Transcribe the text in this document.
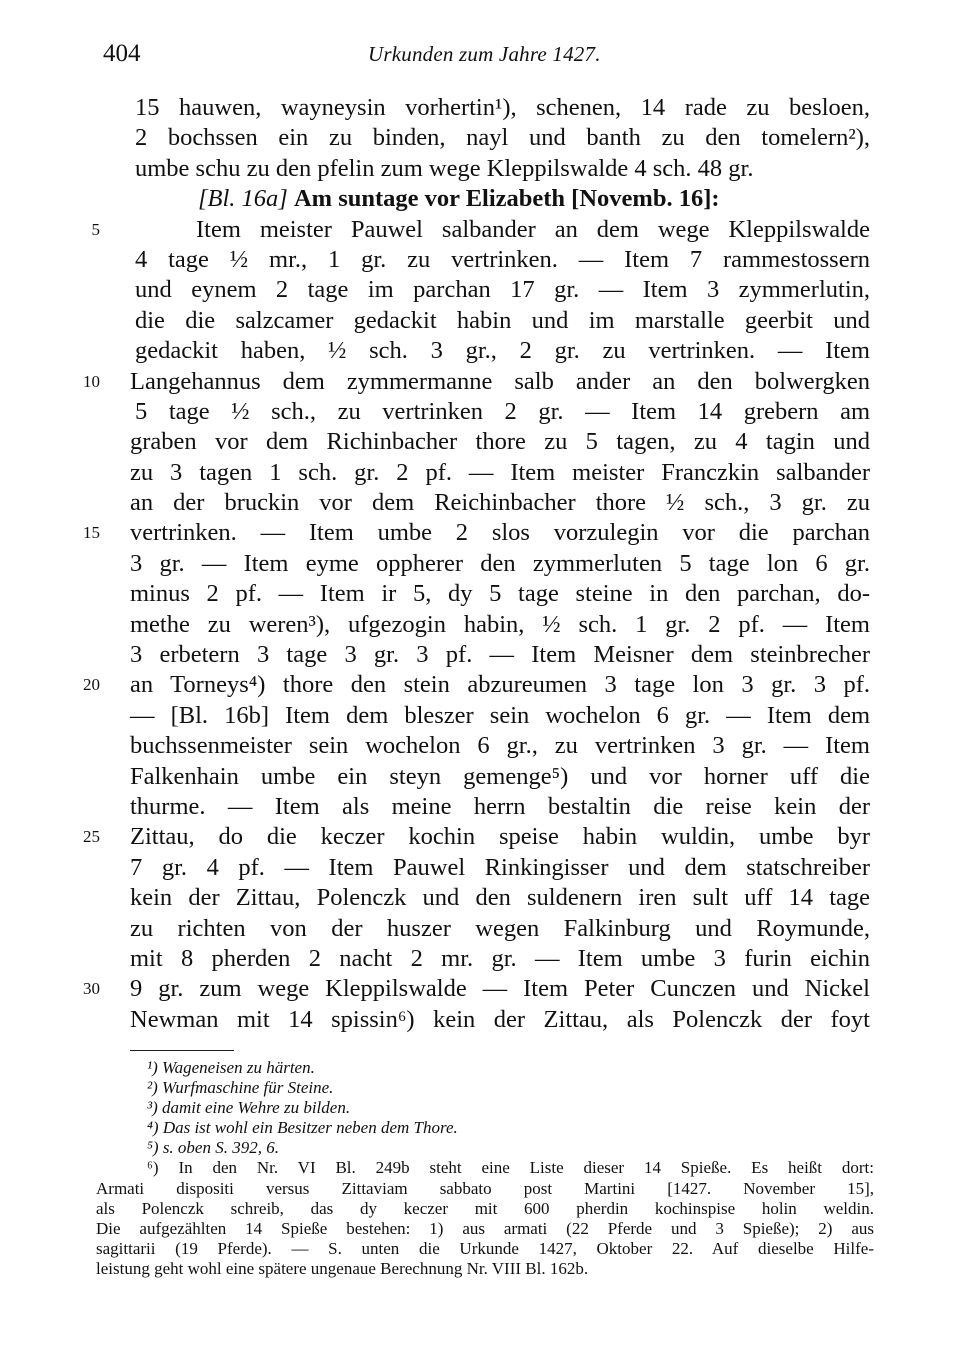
404	Urkunden zum Jahre 1427.
15 hauwen, wayneysin vorhertin¹), schenen, 14 rade zu besloen,
2 bochssen ein zu binden, nayl und banth zu den tomelern²),
umbe schu zu den pfelin zum wege Kleppilswalde 4 sch. 48 gr.
[Bl. 16a] Am suntage vor Elizabeth [Novemb. 16]:
5	Item meister Pauwel salbander an dem wege Kleppilswalde
4 tage ½ mr., 1 gr. zu vertrinken. — Item 7 rammestossern
und eynem 2 tage im parchan 17 gr. — Item 3 zymmerlutin,
die die salzcamer gedackit habin und im marstalle geerbit und
gedackit haben, ½ sch. 3 gr., 2 gr. zu vertrinken. — Item
10 Langehannus dem zymmermanne salb ander an den bolwergken
5 tage ½ sch., zu vertrinken 2 gr. — Item 14 grebern am
graben vor dem Richinbacher thore zu 5 tagen, zu 4 tagin und
zu 3 tagen 1 sch. gr. 2 pf. — Item meister Franczkin salbander
an der bruckin vor dem Reichinbacher thore ½ sch., 3 gr. zu
15 vertrinken. — Item umbe 2 slos vorzulegin vor die parchan
3 gr. — Item eyme oppherer den zymmerluten 5 tage lon 6 gr.
minus 2 pf. — Item ir 5, dy 5 tage steine in den parchan, do-
methe zu weren³), ufgezogin habin, ½ sch. 1 gr. 2 pf. — Item
3 erbetern 3 tage 3 gr. 3 pf. — Item Meisner dem steinbrecher
20 an Torneys⁴) thore den stein abzureumen 3 tage lon 3 gr. 3 pf.
— [Bl. 16b] Item dem bleszer sein wochelon 6 gr. — Item dem
buchssenmeister sein wochelon 6 gr., zu vertrinken 3 gr. — Item
Falkenhain umbe ein steyn gemenge⁵) und vor horner uff die
thurme. — Item als meine herrn bestaltin die reise kein der
25 Zittau, do die keczer kochin speise habin wuldin, umbe byr
7 gr. 4 pf. — Item Pauwel Rinkingisser und dem statschreiber
kein der Zittau, Polenczk und den suldenern iren sult uff 14 tage
zu richten von der huszer wegen Falkinburg und Roymunde,
mit 8 pherden 2 nacht 2 mr. gr. — Item umbe 3 furin eichin
30 9 gr. zum wege Kleppilswalde — Item Peter Cunczen und Nickel
Newman mit 14 spissin⁶) kein der Zittau, als Polenczk der foyt
¹) Wageneisen zu härten.
²) Wurfmaschine für Steine.
³) damit eine Wehre zu bilden.
⁴) Das ist wohl ein Besitzer neben dem Thore.
⁵) s. oben S. 392, 6.
⁶) In den Nr. VI Bl. 249b steht eine Liste dieser 14 Spieße. Es heißt dort:
Armati dispositi versus Zittaviam sabbato post Martini [1427. November 15],
als Polenczk schreib, das dy keczer mit 600 pherdin kochinspise holin weldin.
Die aufgezählten 14 Spieße bestehen: 1) aus armati (22 Pferde und 3 Spieße); 2) aus
sagittarii (19 Pferde). — S. unten die Urkunde 1427, Oktober 22. Auf dieselbe Hilfe-
leistung geht wohl eine spätere ungenaue Berechnung Nr. VIII Bl. 162b.
